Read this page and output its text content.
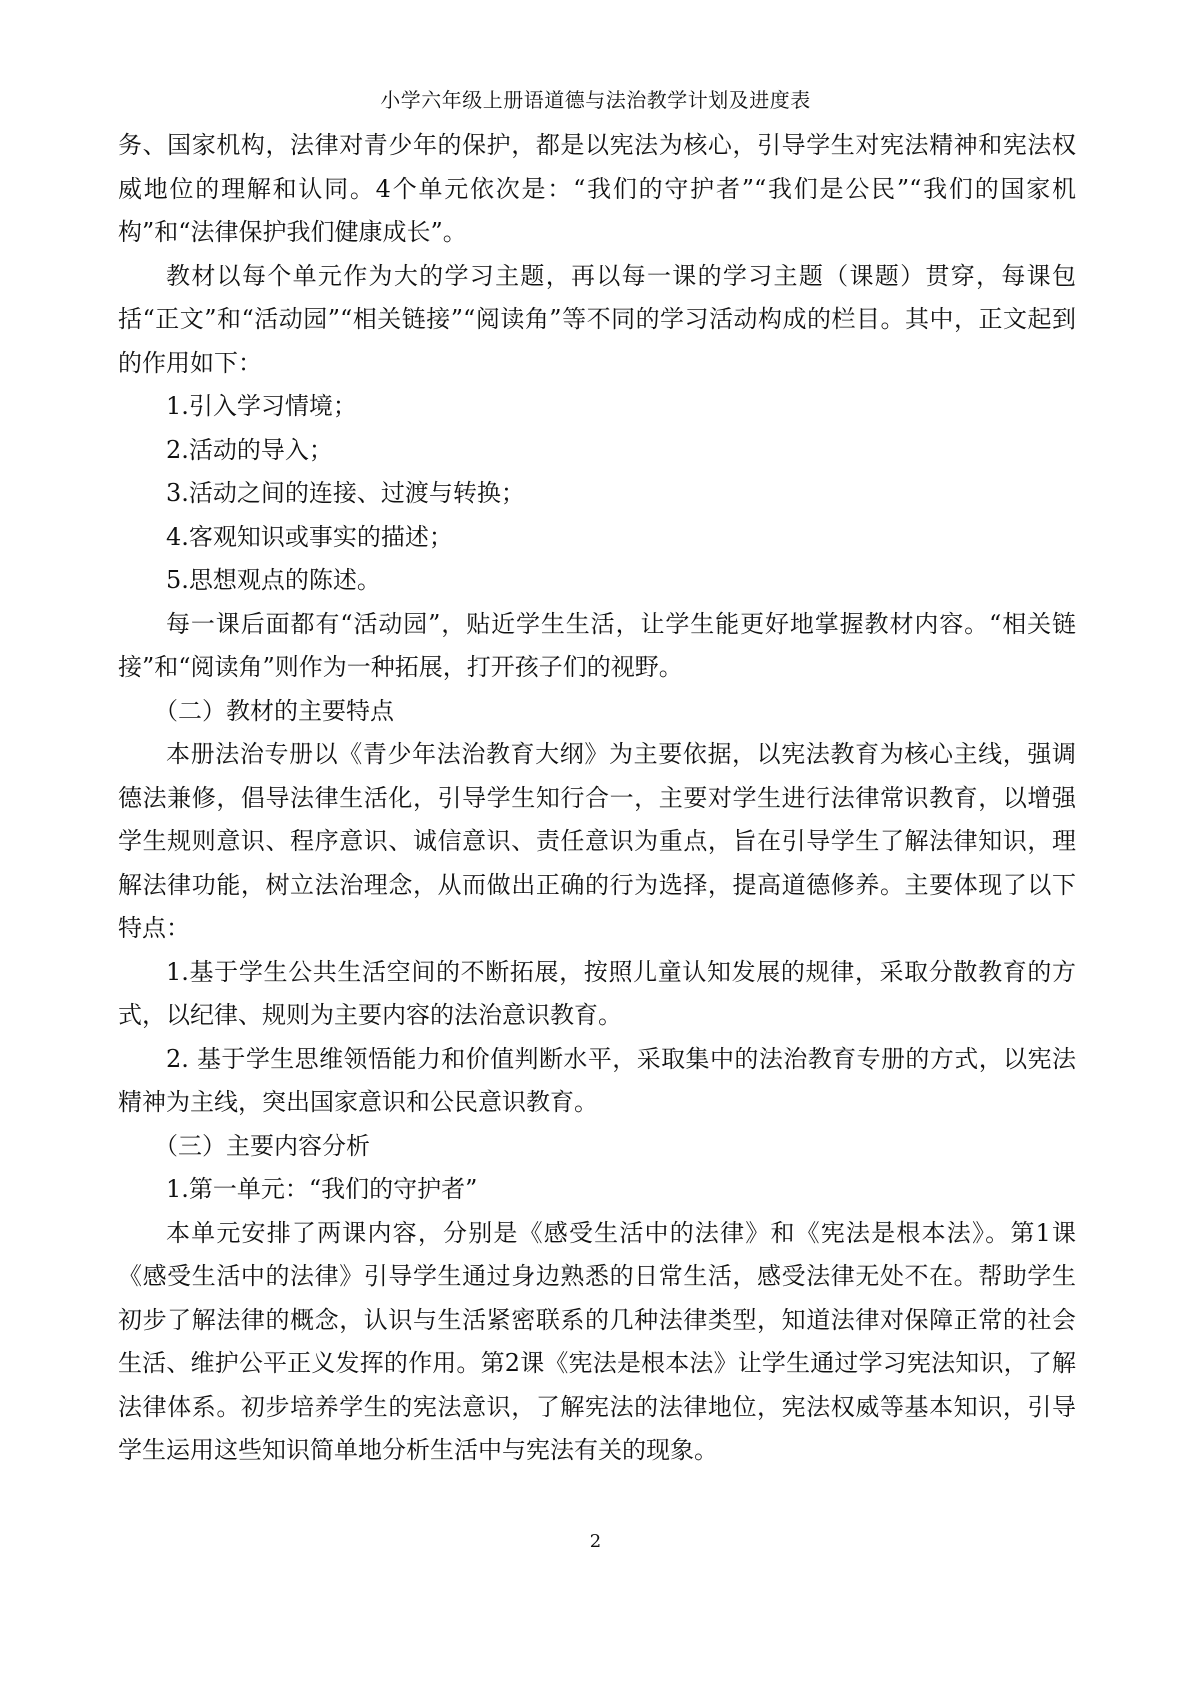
小学六年级上册语道德与法治教学计划及进度表

务、国家机构，法律对青少年的保护，都是以宪法为核心，引导学生对宪法精神和宪法权威地位的理解和认同。4个单元依次是：“我们的守护者”“我们是公民”“我们的国家机构”和“法律保护我们健康成长”。

教材以每个单元作为大的学习主题，再以每一课的学习主题（课题）贯穿，每课包括“正文”和“活动园”“相关链接”“阅读角”等不同的学习活动构成的栏目。其中，正文起到的作用如下：

1.引入学习情境；

2.活动的导入；

3.活动之间的连接、过渡与转换；

4.客观知识或事实的描述；

5.思想观点的陈述。

每一课后面都有“活动园”，贴近学生生活，让学生能更好地掌握教材内容。“相关链接”和“阅读角”则作为一种拓展，打开孩子们的视野。

（二）教材的主要特点

本册法治专册以《青少年法治教育大纲》为主要依据，以宪法教育为核心主线，强调德法兼修，倡导法律生活化，引导学生知行合一，主要对学生进行法律常识教育，以增强学生规则意识、程序意识、诚信意识、责任意识为重点，旨在引导学生了解法律知识，理解法律功能，树立法治理念，从而做出正确的行为选择，提高道德修养。主要体现了以下特点：

1.基于学生公共生活空间的不断拓展，按照儿童认知发展的规律，采取分散教育的方式，以纪律、规则为主要内容的法治意识教育。

2. 基于学生思维领悟能力和价值判断水平，采取集中的法治教育专册的方式，以宪法精神为主线，突出国家意识和公民意识教育。

（三）主要内容分析

1.第一单元：“我们的守护者”

本单元安排了两课内容，分别是《感受生活中的法律》和《宪法是根本法》。第1课《感受生活中的法律》引导学生通过身边熟悉的日常生活，感受法律无处不在。帮助学生初步了解法律的概念，认识与生活紧密联系的几种法律类型，知道法律对保障正常的社会生活、维护公平正义发挥的作用。第2课《宪法是根本法》让学生通过学习宪法知识，了解法律体系。初步培养学生的宪法意识，了解宪法的法律地位，宪法权威等基本知识，引导学生运用这些知识简单地分析生活中与宪法有关的现象。

2
